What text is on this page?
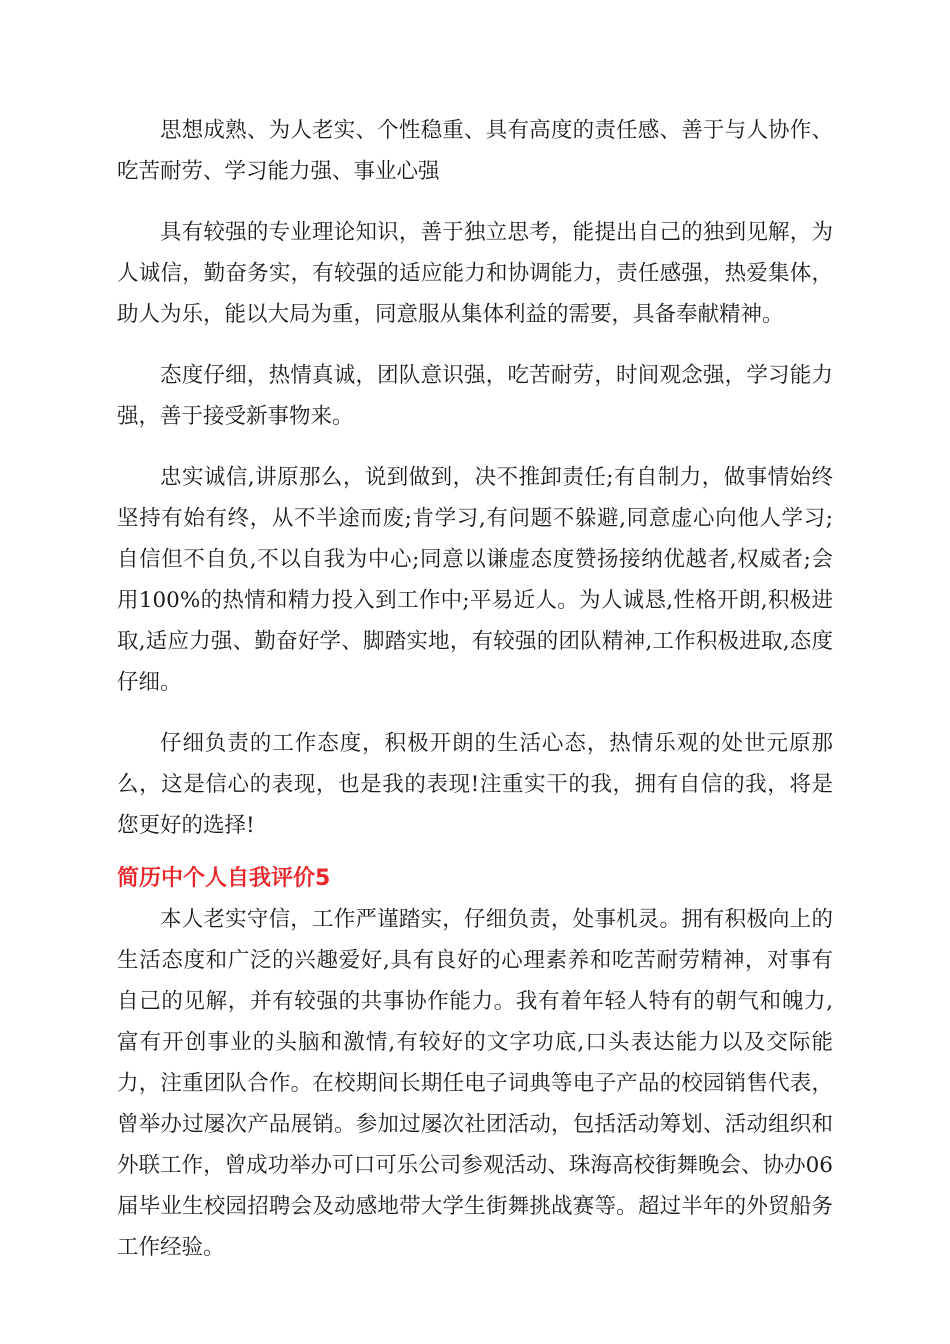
思想成熟、为人老实、个性稳重、具有高度的责任感、善于与人协作、吃苦耐劳、学习能力强、事业心强

具有较强的专业理论知识，善于独立思考，能提出自己的独到见解，为人诚信，勤奋务实，有较强的适应能力和协调能力，责任感强，热爱集体，助人为乐，能以大局为重，同意服从集体利益的需要，具备奉献精神。

态度仔细，热情真诚，团队意识强，吃苦耐劳，时间观念强，学习能力强，善于接受新事物来。

忠实诚信,讲原那么，说到做到，决不推卸责任;有自制力，做事情始终坚持有始有终，从不半途而废;肯学习,有问题不躲避,同意虚心向他人学习;自信但不自负,不以自我为中心;同意以谦虚态度赞扬接纳优越者,权威者;会用100%的热情和精力投入到工作中;平易近人。为人诚恳,性格开朗,积极进取,适应力强、勤奋好学、脚踏实地，有较强的团队精神,工作积极进取,态度仔细。

仔细负责的工作态度，积极开朗的生活心态，热情乐观的处世元原那么，这是信心的表现，也是我的表现!注重实干的我，拥有自信的我，将是您更好的选择!

简历中个人自我评价5

本人老实守信，工作严谨踏实，仔细负责，处事机灵。拥有积极向上的生活态度和广泛的兴趣爱好,具有良好的心理素养和吃苦耐劳精神，对事有自己的见解，并有较强的共事协作能力。我有着年轻人特有的朝气和魄力,富有开创事业的头脑和激情,有较好的文字功底,口头表达能力以及交际能力，注重团队合作。在校期间长期任电子词典等电子产品的校园销售代表，曾举办过屡次产品展销。参加过屡次社团活动，包括活动筹划、活动组织和外联工作，曾成功举办可口可乐公司参观活动、珠海高校街舞晚会、协办06届毕业生校园招聘会及动感地带大学生街舞挑战赛等。超过半年的外贸船务工作经验。
